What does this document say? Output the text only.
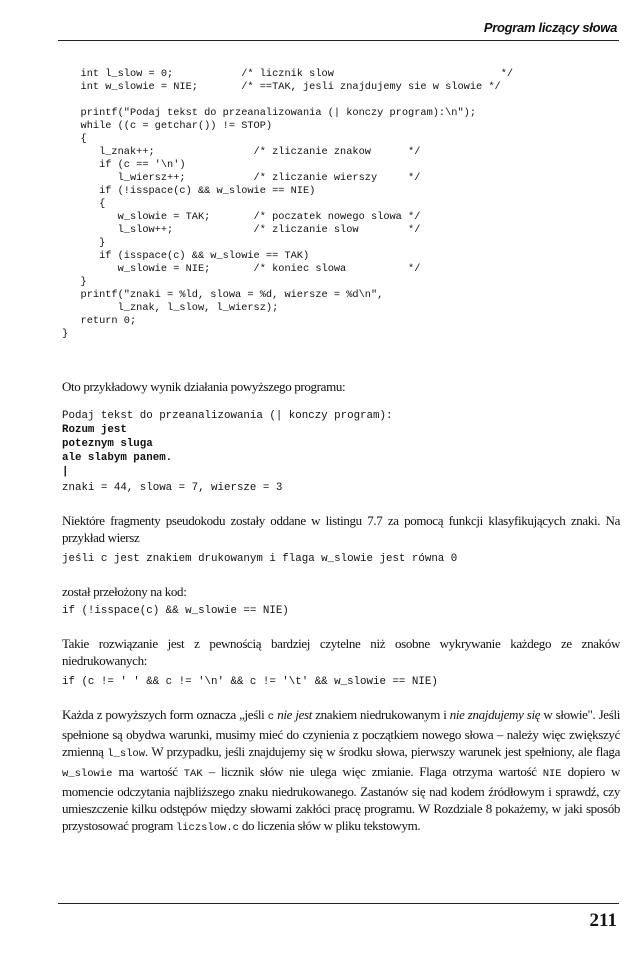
Program liczący słowa
int l_slow = 0;           /* licznik slow                           */
int w_slowie = NIE;       /* ==TAK, jesli znajdujemy sie w slowie */

printf("Podaj tekst do przeanalizowania (| konczy program):\n");
while ((c = getchar()) != STOP)
{
l_znak++;                /* zliczanie znakow      */
if (c == '\n')
l_wiersz++;           /* zliczanie wierszy     */
if (!isspace(c) && w_slowie == NIE)
{
w_slowie = TAK;       /* poczatek nowego slowa */
l_slow++;             /* zliczanie slow        */
}
if (isspace(c) && w_slowie == TAK)
w_slowie = NIE;       /* koniec slowa          */
}
printf("znaki = %ld, slowa = %d, wiersze = %d\n",
l_znak, l_slow, l_wiersz);
return 0;
}
Oto przykładowy wynik działania powyższego programu:
Podaj tekst do przeanalizowania (| konczy program):
Rozum jest
poteznym sluga
ale slabym panem.
|
znaki = 44, slowa = 7, wiersze = 3
Niektóre fragmenty pseudokodu zostały oddane w listingu 7.7 za pomocą funkcji klasyfikujących znaki. Na przykład wiersz
jeśli c jest znakiem drukowanym i flaga w_slowie jest równa 0
został przełożony na kod:
if (!isspace(c) && w_slowie == NIE)
Takie rozwiązanie jest z pewnością bardziej czytelne niż osobne wykrywanie każdego ze znaków niedrukowanych:
if (c != ' ' && c != '\n' && c != '\t' && w_slowie == NIE)
Każda z powyższych form oznacza „jeśli c nie jest znakiem niedrukowanym i nie znajdujemy się w słowie". Jeśli spełnione są obydwa warunki, musimy mieć do czynienia z początkiem nowego słowa – należy więc zwiększyć zmienną l_slow. W przypadku, jeśli znajdujemy się w środku słowa, pierwszy warunek jest spełniony, ale flaga w_slowie ma wartość TAK – licznik słów nie ulega więc zmianie. Flaga otrzyma wartość NIE dopiero w momencie odczytania najbliższego znaku niedrukowanego. Zastanów się nad kodem źródłowym i sprawdź, czy umieszczenie kilku odstępów między słowami zakłóci pracę programu. W Rozdziale 8 pokażemy, w jaki sposób przystosować program liczslow.c do liczenia słów w pliku tekstowym.
211
